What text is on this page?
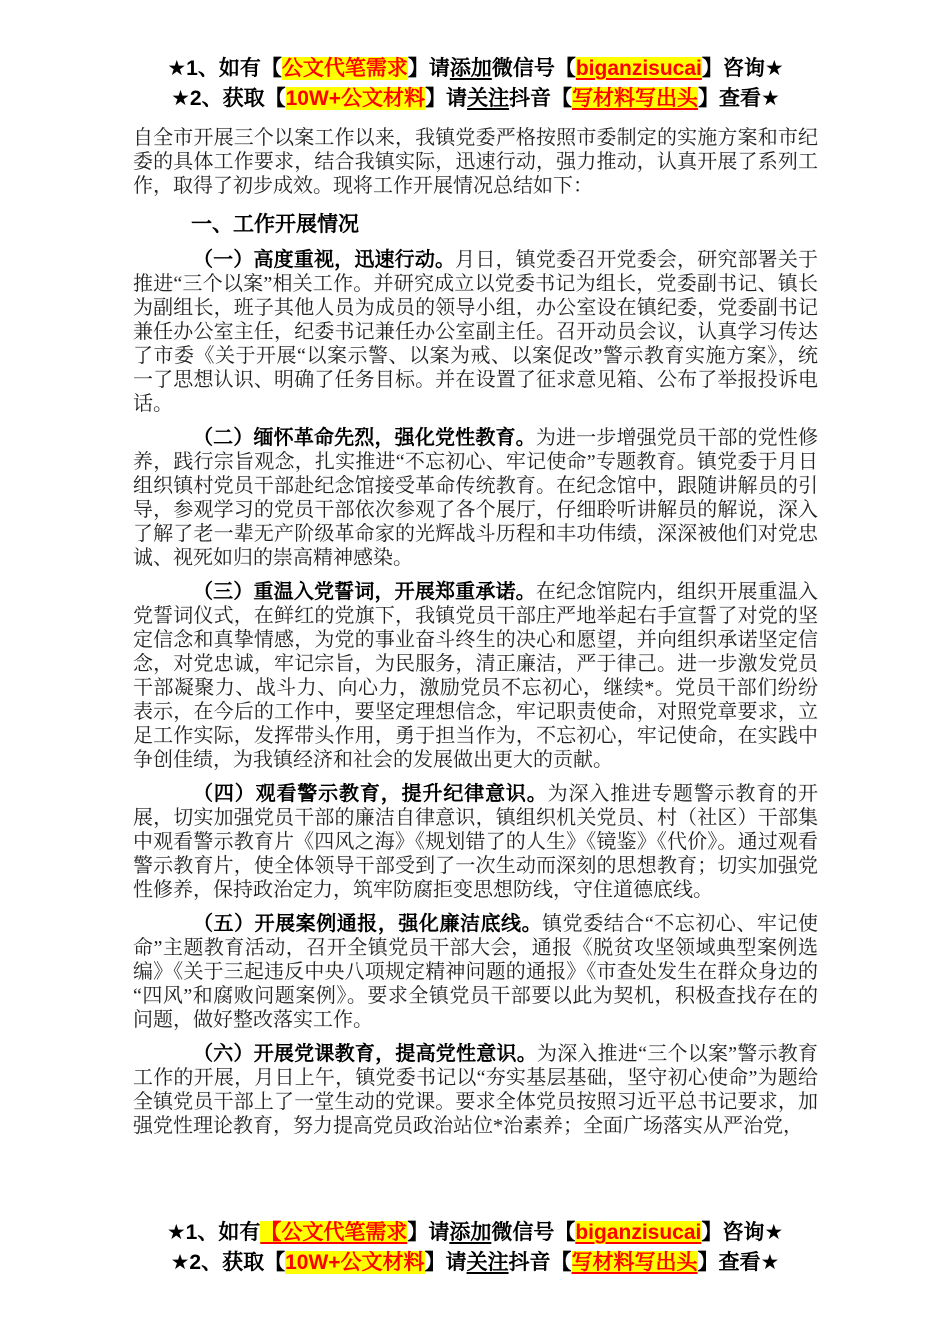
★1、如有【公文代笔需求】请添加微信号【biganzisucai】咨询★
★2、获取【10W+公文材料】请关注抖音【写材料写出头】查看★

自全市开展三个以案工作以来，我镇党委严格按照市委制定的实施方案和市纪委的具体工作要求，结合我镇实际，迅速行动，强力推动，认真开展了系列工作，取得了初步成效。现将工作开展情况总结如下：

一、工作开展情况

（一）高度重视，迅速行动。月日，镇党委召开党委会，研究部署关于推进“三个以案”相关工作。并研究成立以党委书记为组长，党委副书记、镇长为副组长，班子其他人员为成员的领导小组，办公室设在镇纪委，党委副书记兼任办公室主任，纪委书记兼任办公室副主任。召开动员会议，认真学习传达了市委《关于开展“以案示警、以案为戒、以案促改”警示教育实施方案》，统一了思想认识、明确了任务目标。并在设置了征求意见箱、公布了举报投诉电话。

（二）缅怀革命先烈，强化党性教育。为进一步增强党员干部的党性修养，践行宗旨观念，扎实推进“不忘初心、牢记使命”专题教育。镇党委于月日组织镇村党员干部赴纪念馆接受革命传统教育。在纪念馆中，跟随讲解员的引导，参观学习的党员干部依次参观了各个展厅，仔细聆听讲解员的解说，深入了解了老一辈无产阶级革命家的光辉战斗历程和丰功伟绩，深深被他们对党忠诚、视死如归的崇高精神感染。

（三）重温入党誓词，开展郑重承诺。在纪念馆院内，组织开展重温入党誓词仪式，在鲜红的党旗下，我镇党员干部庄严地举起右手宣誓了对党的坚定信念和真挚情感，为党的事业奋斗终生的决心和愿望，并向组织承诺坚定信念，对党忠诚，牢记宗旨，为民服务，清正廉洁，严于律己。进一步激发党员干部凝聚力、战斗力、向心力，激励党员不忘初心，继续*。党员干部们纷纷表示，在今后的工作中，要坚定理想信念，牢记职责使命，对照党章要求，立足工作实际，发挥带头作用，勇于担当作为，不忘初心，牢记使命，在实践中争创佳绩，为我镇经济和社会的发展做出更大的贡献。

（四）观看警示教育，提升纪律意识。为深入推进专题警示教育的开展，切实加强党员干部的廉洁自律意识，镇组织机关党员、村（社区）干部集中观看警示教育片《四风之海》《规划错了的人生》《镜鉴》《代价》。通过观看警示教育片，使全体领导干部受到了一次生动而深刻的思想教育；切实加强党性修养，保持政治定力，筑牢防腐拒变思想防线，守住道德底线。

（五）开展案例通报，强化廉洁底线。镇党委结合“不忘初心、牢记使命”主题教育活动，召开全镇党员干部大会，通报《脱贫攻坚领域典型案例选编》《关于三起违反中央八项规定精神问题的通报》《市查处发生在群众身边的“四风”和腐败问题案例》。要求全镇党员干部要以此为契机，积极查找存在的问题，做好整改落实工作。

（六）开展党课教育，提高党性意识。为深入推进“三个以案”警示教育工作的开展，月日上午，镇党委书记以“夯实基层基础，坚守初心使命”为题给全镇党员干部上了一堂生动的党课。要求全体党员按照习近平总书记要求，加强党性理论教育，努力提高党员政治站位*治素养；全面广场落实从严治党，

★1、如有【公文代笔需求】请添加微信号【biganzisucai】咨询★
★2、获取【10W+公文材料】请关注抖音【写材料写出头】查看★
